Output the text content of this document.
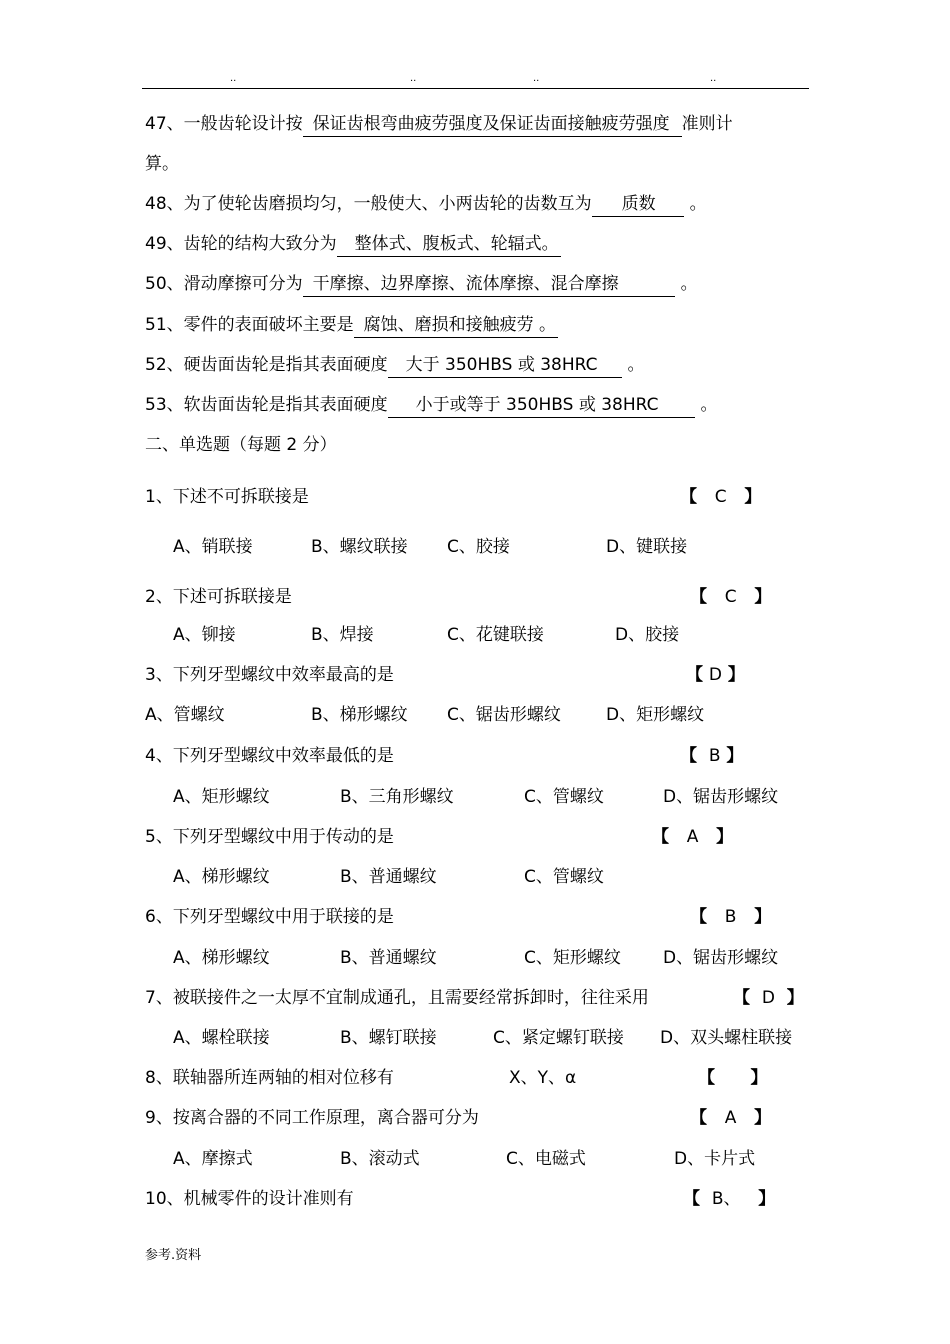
..	..	..	..
47、一般齿轮设计按 保证齿根弯曲疲劳强度及保证齿面接触疲劳强度 准则计
算。
48、为了使轮齿磨损均匀，一般使大、小两齿轮的齿数互为 质数 。
49、齿轮的结构大致分为 整体式、腹板式、轮辐式。
50、滑动摩擦可分为 干摩擦、边界摩擦、流体摩擦、混合摩擦	。
51、零件的表面破坏主要是 腐蚀、磨损和接触疲劳 。
52、硬齿面齿轮是指其表面硬度 大于 350HBS 或 38HRC 。
53、软齿面齿轮是指其表面硬度 小于或等于 350HBS 或 38HRC 。
二、单选题（每题 2 分）
1、下述不可拆联接是	【   C   】
A、销联接	B、螺纹联接 C、胶接	D、键联接
2、下述可拆联接是	【   C   】
A、铆接	B、焊接	C、花键联接	D、胶接
3、下列牙型螺纹中效率最高的是	【 D 】
A、管螺纹	B、梯形螺纹 C、锯齿形螺纹	D、矩形螺纹
4、下列牙型螺纹中效率最低的是	【  B 】
A、矩形螺纹	B、三角形螺纹	C、管螺纹	D、锯齿形螺纹
5、下列牙型螺纹中用于传动的是	【   A   】
A、梯形螺纹	B、普通螺纹	C、管螺纹
6、下列牙型螺纹中用于联接的是	【   B   】
A、梯形螺纹	B、普通螺纹	C、矩形螺纹 D、锯齿形螺纹
7、被联接件之一太厚不宜制成通孔，且需要经常拆卸时，往往采用	【  D  】
A、螺栓联接	B、螺钉联接	C、紧定螺钉联接 D、双头螺柱联接
8、联轴器所连两轴的相对位移有	X、Y、α	【      】
9、按离合器的不同工作原理，离合器可分为	【   A   】
A、摩擦式	B、滚动式	C、电磁式	D、卡片式
10、机械零件的设计准则有	【  B、   】
参考.资料
